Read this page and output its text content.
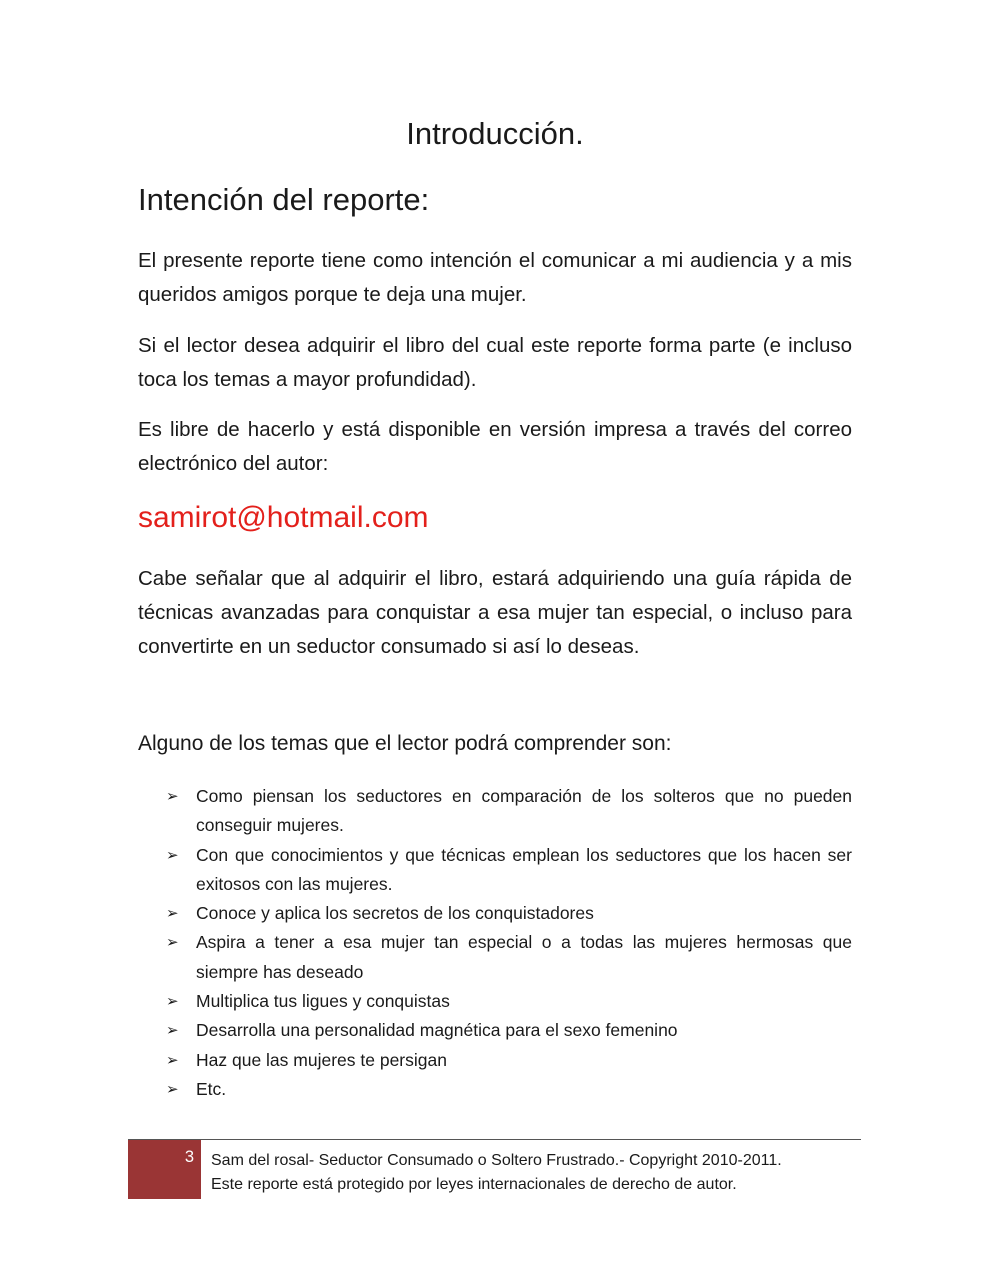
Introducción.
Intención del reporte:

El presente reporte tiene como intención el comunicar a mi audiencia y a mis queridos amigos porque te deja una mujer.

Si el lector desea adquirir el libro del cual este reporte forma parte (e incluso toca los temas a mayor profundidad).

Es libre de hacerlo y está disponible en versión impresa a través del correo electrónico del autor:

samirot@hotmail.com

Cabe señalar que al adquirir el libro, estará adquiriendo una guía rápida de técnicas avanzadas para conquistar a esa mujer tan especial, o incluso para convertirte en un seductor consumado si así lo deseas.

Alguno de los temas que el lector podrá comprender son:

➢ Como piensan los seductores en comparación de los solteros que no pueden conseguir mujeres.
➢ Con que conocimientos y que técnicas emplean los seductores que los hacen ser exitosos con las mujeres.
➢ Conoce y aplica los secretos de los conquistadores
➢ Aspira a tener a esa mujer tan especial o a todas las mujeres hermosas que siempre has deseado
➢ Multiplica tus ligues y conquistas
➢ Desarrolla una personalidad magnética para el sexo femenino
➢ Haz que las mujeres te persigan
➢ Etc.
3 Sam del rosal- Seductor Consumado o Soltero Frustrado.- Copyright 2010-2011.
Este reporte está protegido por leyes internacionales de derecho de autor.
